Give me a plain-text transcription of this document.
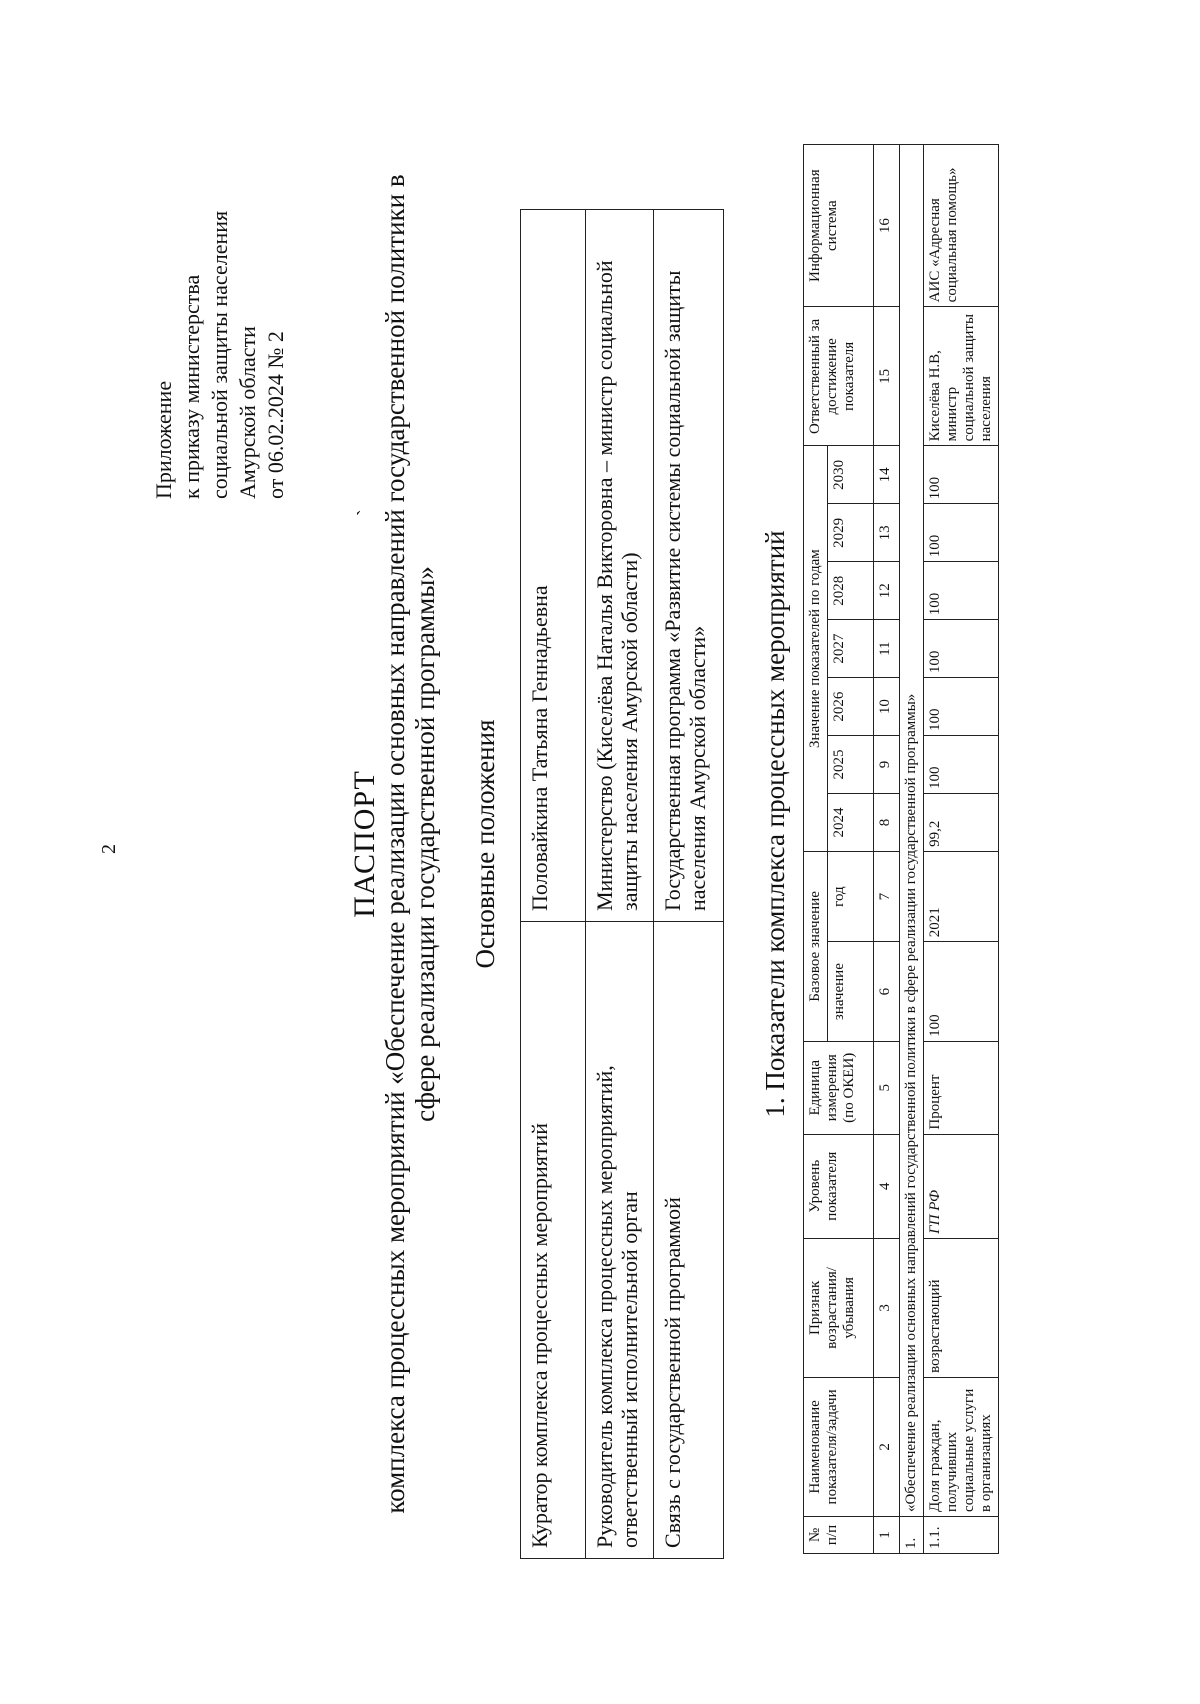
2
Приложение к приказу министерства социальной защиты населения Амурской области от 06.02.2024 № 2
ПАСПОРТ
` комплекса процессных мероприятий «Обеспечение реализации основных направлений государственной политики в сфере реализации государственной программы» Основные положения
Куратор комплекса процессных мероприятий	Половайкина Татьяна Геннадьевна
Руководитель комплекса процессных мероприятий, ответственный исполнительной орган	Министерство (Киселёва Наталья Викторовна – министр социальной защиты населения Амурской области)
Связь с государственной программой	Государственная программа «Развитие системы социальной защиты населения Амурской области» 1. Показатели комплекса процессных мероприятий
№ п/п	Наименование показателя/задачи	Признак возрастания/ убывания	Уровень показателя	Единица измерения (по ОКЕИ)	Базовое значение		Значение показателей по годам							Ответственный за достижение показателя	Информационная система
					значение	год	2024	2025	2026	2027	2028	2029	2030		
1	2	3	4	5	6	7	8	9	10	11	12	13	14	15	16
1.	«Обеспечение реализации основных направлений государственной политики в сфере реализации государственной программы»														
1.1.	Доля граждан, получивших социальные услуги в организациях	возрастающий	ГП РФ	Процент	100	2021	99,2	100	100	100	100	100	100	Киселёва Н.В, министр социальной защиты населения	АИС «Адресная социальная помощь»
